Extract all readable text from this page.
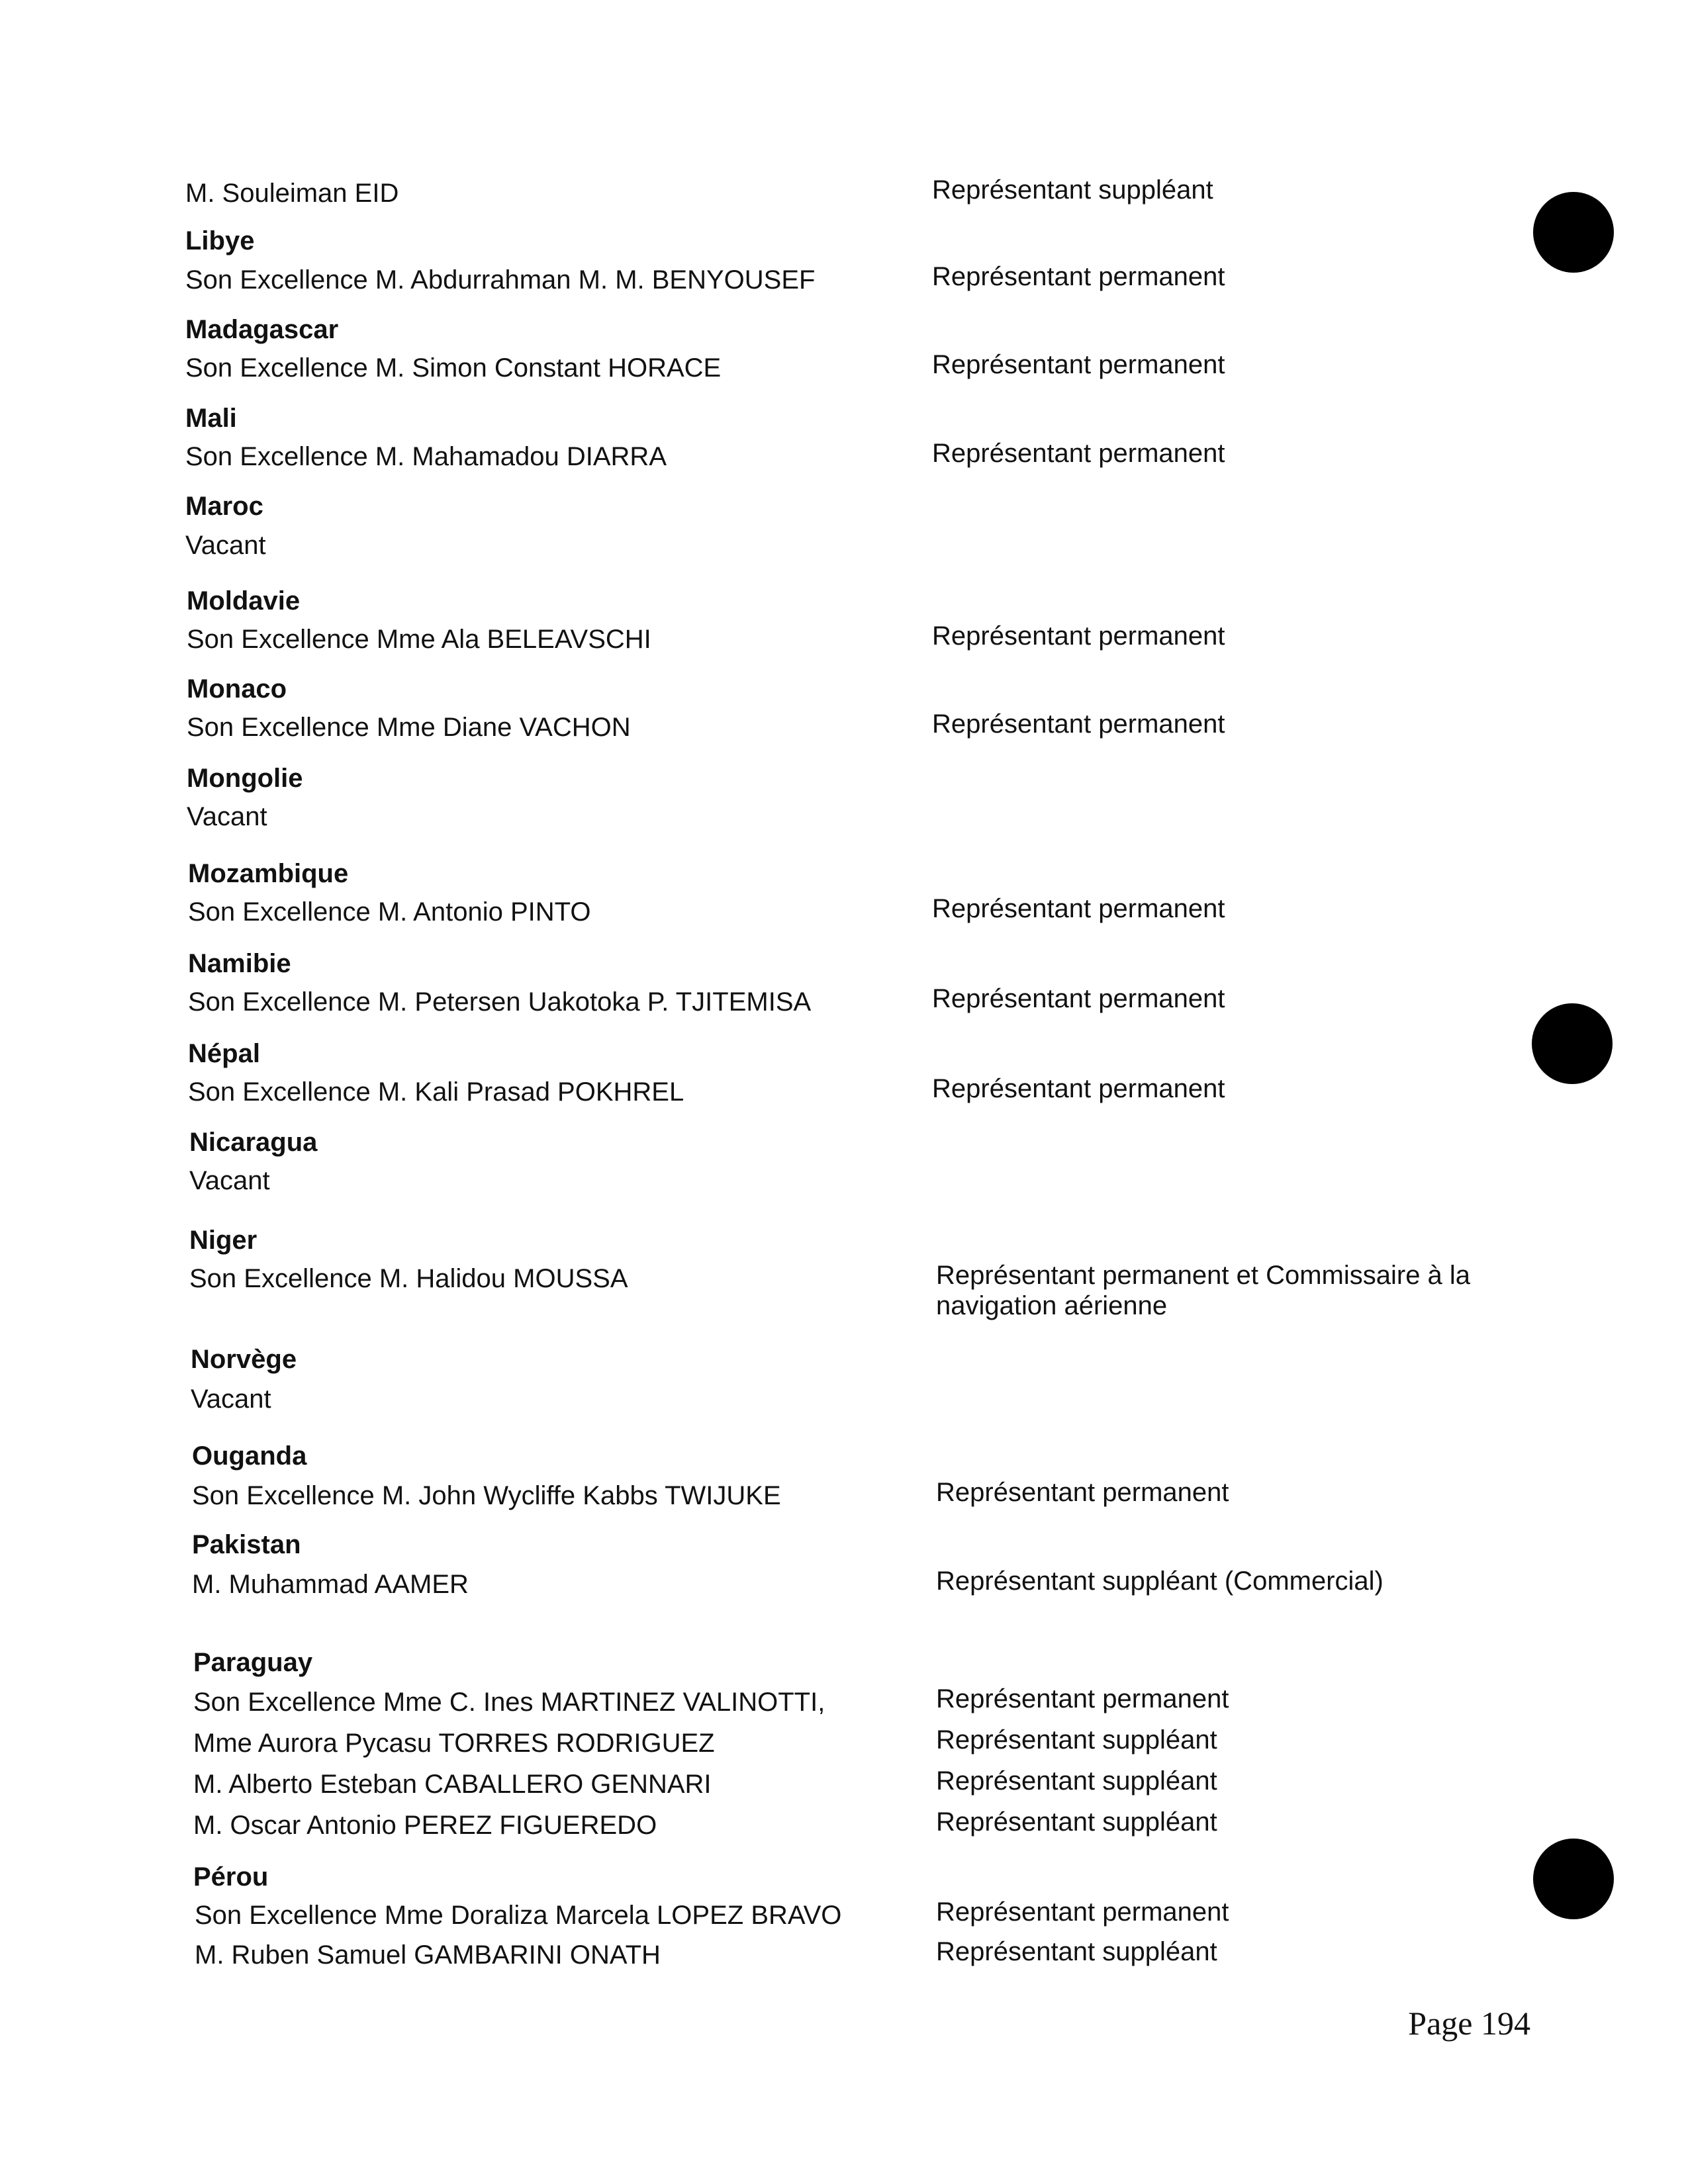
M. Souleiman EID	Représentant suppléant
Libye
Son Excellence M. Abdurrahman M. M. BENYOUSEF	Représentant permanent
Madagascar
Son Excellence M. Simon Constant HORACE	Représentant permanent
Mali
Son Excellence M. Mahamadou DIARRA	Représentant permanent
Maroc
Vacant
Moldavie
Son Excellence Mme Ala BELEAVSCHI	Représentant permanent
Monaco
Son Excellence Mme Diane VACHON	Représentant permanent
Mongolie
Vacant
Mozambique
Son Excellence M. Antonio PINTO	Représentant permanent
Namibie
Son Excellence M. Petersen Uakotoka P. TJITEMISA	Représentant permanent
Népal
Son Excellence M. Kali Prasad POKHREL	Représentant permanent
Nicaragua
Vacant
Niger
Son Excellence M. Halidou MOUSSA	Représentant permanent et Commissaire à la navigation aérienne
Norvège
Vacant
Ouganda
Son Excellence M. John Wycliffe Kabbs TWIJUKE	Représentant permanent
Pakistan
M. Muhammad AAMER	Représentant suppléant (Commercial)
Paraguay
Son Excellence Mme C. Ines MARTINEZ VALINOTTI,	Représentant permanent
Mme Aurora Pycasu TORRES RODRIGUEZ	Représentant suppléant
M. Alberto Esteban CABALLERO GENNARI	Représentant suppléant
M. Oscar Antonio PEREZ FIGUEREDO	Représentant suppléant
Pérou
Son Excellence Mme Doraliza Marcela LOPEZ BRAVO	Représentant permanent
M. Ruben Samuel GAMBARINI ONATH	Représentant suppléant
Page 194
